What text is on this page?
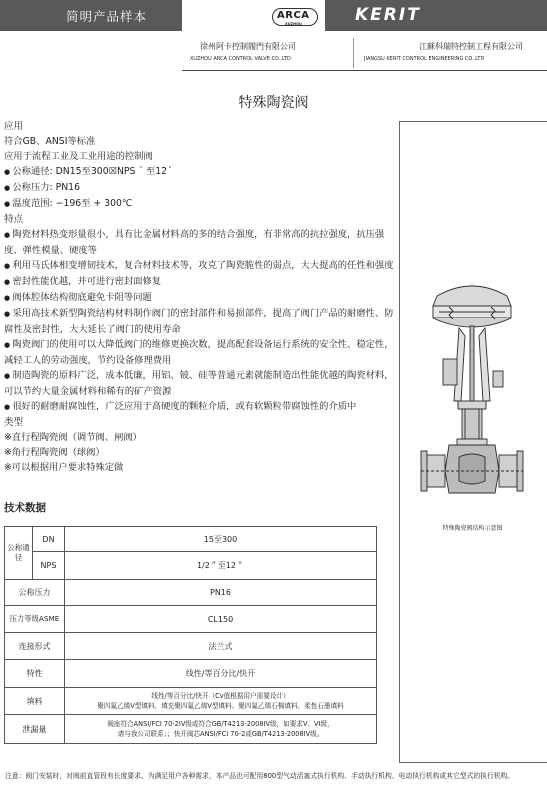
简明产品样本	ARCA
XUZHOU	KERIT
徐州阿卡控制閥門有限公司
XUZHOU ARCA CONTROL VALVE CO.,LTD
江蘇科瑞特控制工程有限公司
JIANGSU KERIT CONTROL ENGINEERING CO.,LTD
特殊陶瓷阀

应用

符合GB、ANSI等标准

应用于流程工业及工业用途的控制阀

● 公称通径: DN15至300☒NPS ´ 至12´

● 公称压力: PN16

● 温度范围: −196至 + 300℃

特点

● 陶瓷材料热变形量很小，具有比金属材料高的多的结合强度，有非常高的抗拉强度，抗压强度、弹性模量、硬度等

● 利用马氏体相变增韧技术，复合材料技术等，攻克了陶瓷脆性的弱点，大大提高的任性和强度

● 密封性能优越，并可进行密封面修复

● 阀体腔体结构彻底避免卡阻等问题

● 采用高技术新型陶瓷结构材料制作阀门的密封部件和易损部件，提高了阀门产品的耐磨性、防腐性及密封性，大大延长了阀门的使用寿命

● 陶瓷阀门的使用可以大降低阀门的维修更换次数，提高配套设备运行系统的安全性、稳定性，减轻工人的劳动强度，节约设备修理费用

● 制造陶瓷的原料广泛，成本低廉，用铝、铍、硅等普通元素就能制造出性能优越的陶瓷材料，可以节约大量金属材料和稀有的矿产资源

● 很好的耐磨耐腐蚀性，广泛应用于高硬度的颗粒介质，或有软颗粒带腐蚀性的介质中

类型

※ 直行程陶瓷阀（调节阀、闸阀）

※ 角行程陶瓷阀（球阀）

※ 可以根据用户要求特殊定做

技术数据
公称通径	DN	15至300
	NPS	1/2＂至12＂
公称压力		PN16
压力等级ASME		CL150
连接形式		法兰式
特性		线性/等百分比/快开
填料		线性/等百分比/快开（Cv值根据用户需要设计）
聚四氟乙烯V型填料、填充聚四氟乙烯V型填料、聚四氟乙烯石棉填料、柔性石墨填料

泄漏量		阀座符合ANSI/FCI 70-2IV级或符合GB/T4213-2008IV级，如要求V、VI级，
请与我公司联系；；快开阀芯ANSI/FCI 70-2或GB/T4213-2008IV级。
特殊陶瓷阀结构示意图
注意：阀门安装时，对阀前直管段有长度要求。为满足用户各种需求，本产品也可配用800型气动活塞式执行机构、手动执行机构、电动执行机构或其它型式的执行机构。
